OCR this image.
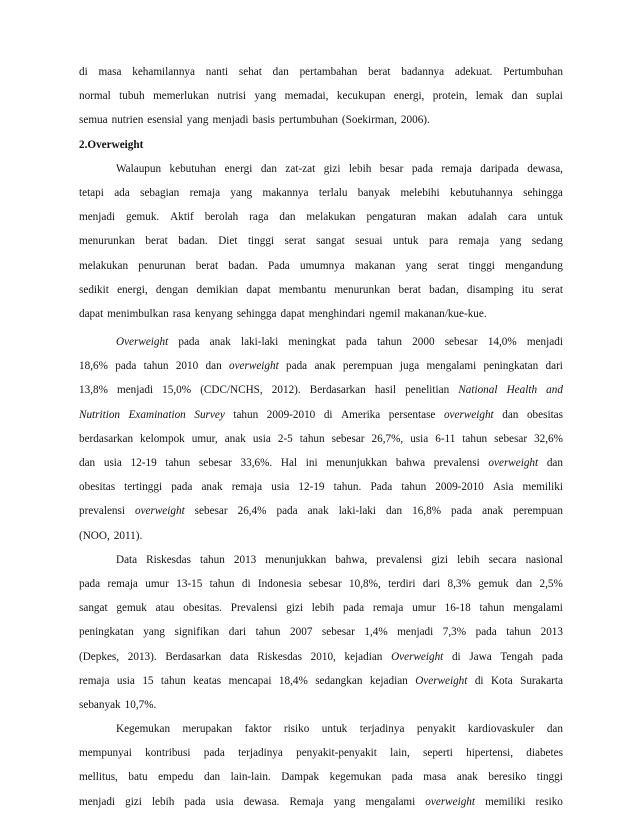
di masa kehamilannya nanti sehat dan pertambahan berat badannya adekuat. Pertumbuhan
normal tubuh memerlukan nutrisi yang memadai, kecukupan energi, protein, lemak dan suplai
semua nutrien esensial yang menjadi basis pertumbuhan (Soekirman, 2006).
2.Overweight
Walaupun kebutuhan energi dan zat-zat gizi lebih besar pada remaja daripada dewasa,
tetapi ada sebagian remaja yang makannya terlalu banyak melebihi kebutuhannya sehingga
menjadi gemuk. Aktif berolah raga dan melakukan pengaturan makan adalah cara untuk
menurunkan berat badan. Diet tinggi serat sangat sesuai untuk para remaja yang sedang
melakukan penurunan berat badan. Pada umumnya makanan yang serat tinggi mengandung
sedikit energi, dengan demikian dapat membantu menurunkan berat badan, disamping itu serat
dapat menimbulkan rasa kenyang sehingga dapat menghindari ngemil makanan/kue-kue.
Overweight pada anak laki-laki meningkat pada tahun 2000 sebesar 14,0% menjadi
18,6% pada tahun 2010 dan overweight pada anak perempuan juga mengalami peningkatan dari
13,8% menjadi 15,0% (CDC/NCHS, 2012). Berdasarkan hasil penelitian National Health and
Nutrition Examination Survey tahun 2009-2010 di Amerika persentase overweight dan obesitas
berdasarkan kelompok umur, anak usia 2-5 tahun sebesar 26,7%, usia 6-11 tahun sebesar 32,6%
dan usia 12-19 tahun sebesar 33,6%. Hal ini menunjukkan bahwa prevalensi overweight dan
obesitas tertinggi pada anak remaja usia 12-19 tahun. Pada tahun 2009-2010 Asia memiliki
prevalensi overweight sebesar 26,4% pada anak laki-laki dan 16,8% pada anak perempuan
(NOO, 2011).
Data Riskesdas tahun 2013 menunjukkan bahwa, prevalensi gizi lebih secara nasional
pada remaja umur 13-15 tahun di Indonesia sebesar 10,8%, terdiri dari 8,3% gemuk dan 2,5%
sangat gemuk atau obesitas. Prevalensi gizi lebih pada remaja umur 16-18 tahun mengalami
peningkatan yang signifikan dari tahun 2007 sebesar 1,4% menjadi 7,3% pada tahun 2013
(Depkes, 2013). Berdasarkan data Riskesdas 2010, kejadian Overweight di Jawa Tengah pada
remaja usia 15 tahun keatas mencapai 18,4% sedangkan kejadian Overweight di Kota Surakarta
sebanyak 10,7%.
Kegemukan merupakan faktor risiko untuk terjadinya penyakit kardiovaskuler dan
mempunyai kontribusi pada terjadinya penyakit-penyakit lain, seperti hipertensi, diabetes
mellitus, batu empedu dan lain-lain. Dampak kegemukan pada masa anak beresiko tinggi
menjadi gizi lebih pada usia dewasa. Remaja yang mengalami overweight memiliki resiko
